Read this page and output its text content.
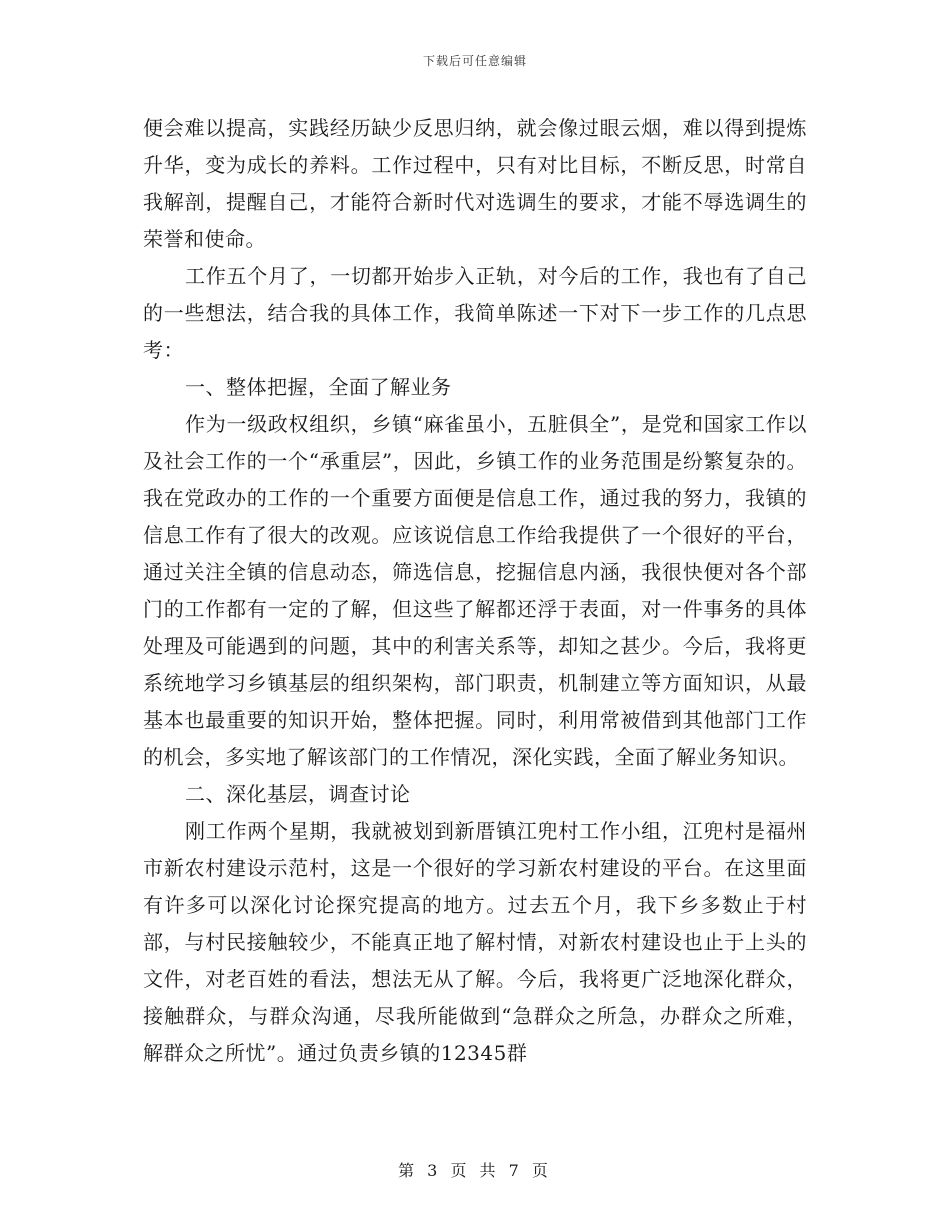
下载后可任意编辑

便会难以提高，实践经历缺少反思归纳，就会像过眼云烟，难以得到提炼升华，变为成长的养料。工作过程中，只有对比目标，不断反思，时常自我解剖，提醒自己，才能符合新时代对选调生的要求，才能不辱选调生的荣誉和使命。

工作五个月了，一切都开始步入正轨，对今后的工作，我也有了自己的一些想法，结合我的具体工作，我简单陈述一下对下一步工作的几点思考：

一、整体把握，全面了解业务

作为一级政权组织，乡镇“麻雀虽小，五脏俱全”，是党和国家工作以及社会工作的一个“承重层”，因此，乡镇工作的业务范围是纷繁复杂的。我在党政办的工作的一个重要方面便是信息工作，通过我的努力，我镇的信息工作有了很大的改观。应该说信息工作给我提供了一个很好的平台，通过关注全镇的信息动态，筛选信息，挖掘信息内涵，我很快便对各个部门的工作都有一定的了解，但这些了解都还浮于表面，对一件事务的具体处理及可能遇到的问题，其中的利害关系等，却知之甚少。今后，我将更系统地学习乡镇基层的组织架构，部门职责，机制建立等方面知识，从最基本也最重要的知识开始，整体把握。同时，利用常被借到其他部门工作的机会，多实地了解该部门的工作情况，深化实践，全面了解业务知识。

二、深化基层，调查讨论

刚工作两个星期，我就被划到新厝镇江兜村工作小组，江兜村是福州市新农村建设示范村，这是一个很好的学习新农村建设的平台。在这里面有许多可以深化讨论探究提高的地方。过去五个月，我下乡多数止于村部，与村民接触较少，不能真正地了解村情，对新农村建设也止于上头的文件，对老百姓的看法，想法无从了解。今后，我将更广泛地深化群众，接触群众，与群众沟通，尽我所能做到“急群众之所急，办群众之所难，解群众之所忧”。通过负责乡镇的12345群

第 3 页 共 7 页
